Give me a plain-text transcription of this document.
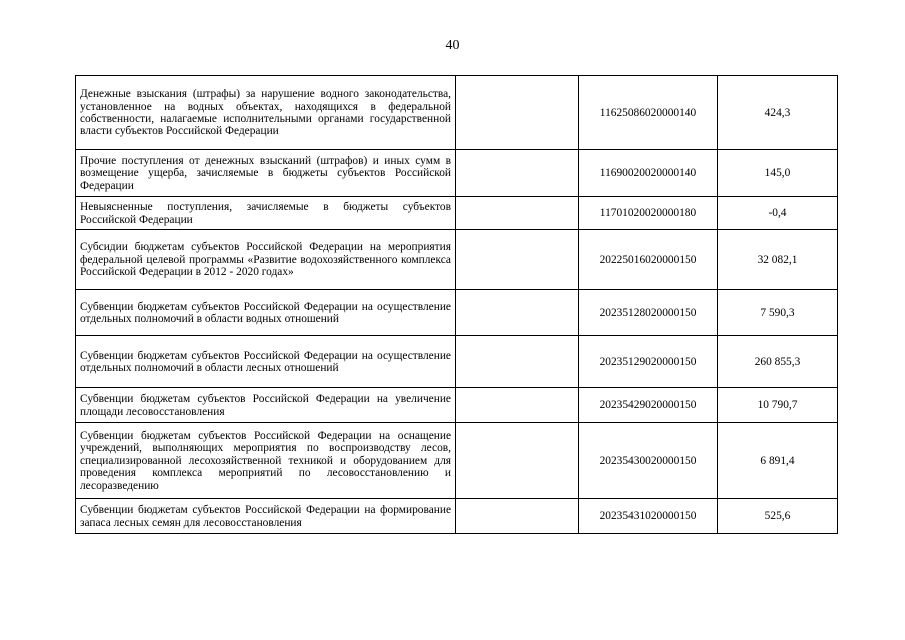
40
Денежные взыскания (штрафы) за нарушение водного законодательства, установленное на водных объектах, находящихся в федеральной собственности, налагаемые исполнительными органами государственной власти субъектов Российской Федерации		11625086020000140	424,3
Прочие поступления от денежных взысканий (штрафов) и иных сумм в возмещение ущерба, зачисляемые в бюджеты субъектов Российской Федерации		11690020020000140	145,0
Невыясненные поступления, зачисляемые в бюджеты субъектов Российской Федерации		11701020020000180	-0,4
Субсидии бюджетам субъектов Российской Федерации на мероприятия федеральной целевой программы «Развитие водохозяйственного комплекса Российской Федерации в 2012 - 2020 годах»		20225016020000150	32 082,1
Субвенции бюджетам субъектов Российской Федерации на осуществление отдельных полномочий в области водных отношений		20235128020000150	7 590,3
Субвенции бюджетам субъектов Российской Федерации на осуществление отдельных полномочий в области лесных отношений		20235129020000150	260 855,3
Субвенции бюджетам субъектов Российской Федерации на увеличение площади лесовосстановления		20235429020000150	10 790,7
Субвенции бюджетам субъектов Российской Федерации на оснащение учреждений, выполняющих мероприятия по воспроизводству лесов, специализированной лесохозяйственной техникой и оборудованием для проведения комплекса мероприятий по лесовосстановлению и лесоразведению		20235430020000150	6 891,4
Субвенции бюджетам субъектов Российской Федерации на формирование запаса лесных семян для лесовосстановления		20235431020000150	525,6
